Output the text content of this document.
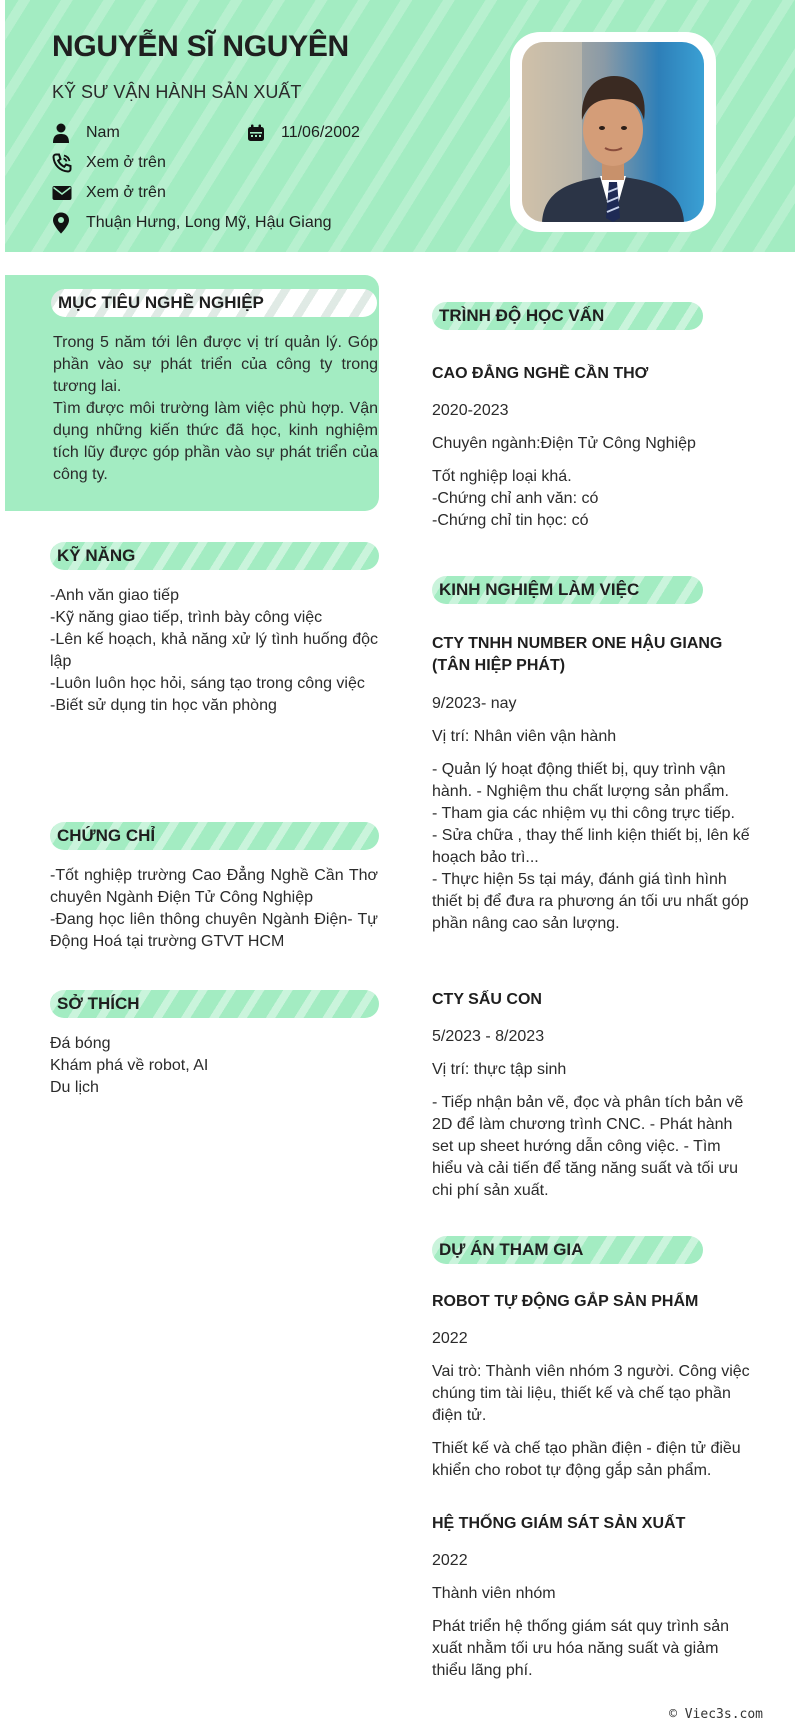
NGUYỄN SĨ NGUYÊN
KỸ SƯ VẬN HÀNH SẢN XUẤT
Nam	11/06/2002
Xem ở trên
Xem ở trên
Thuận Hưng, Long Mỹ, Hậu Giang
MỤC TIÊU NGHỀ NGHIỆP
Trong 5 năm tới lên được vị trí quản lý. Góp phần vào sự phát triển của công ty trong tương lai.
Tìm được môi trường làm việc phù hợp. Vận dụng những kiến thức đã học, kinh nghiệm tích lũy được góp phần vào sự phát triển của công ty.
KỸ NĂNG
-Anh văn giao tiếp
-Kỹ năng giao tiếp, trình bày công việc
-Lên kế hoạch, khả năng xử lý tình huống độc lập
-Luôn luôn học hỏi, sáng tạo trong công việc
-Biết sử dụng tin học văn phòng
CHỨNG CHỈ
-Tốt nghiệp trường Cao Đẳng Nghề Cần Thơ chuyên Ngành Điện Tử Công Nghiệp
-Đang học liên thông chuyên Ngành Điện- Tự Động Hoá tại trường GTVT HCM
SỞ THÍCH
Đá bóng
Khám phá về robot, AI
Du lịch
TRÌNH ĐỘ HỌC VẤN
CAO ĐẲNG NGHỀ CẦN THƠ
2020-2023
Chuyên ngành:Điện Tử Công Nghiệp
Tốt nghiệp loại khá.
-Chứng chỉ anh văn: có
-Chứng chỉ tin học: có
KINH NGHIỆM LÀM VIỆC
CTY TNHH NUMBER ONE HẬU GIANG (TÂN HIỆP PHÁT)
9/2023- nay
Vị trí: Nhân viên vận hành
- Quản lý hoạt động thiết bị, quy trình vận hành. - Nghiệm thu chất lượng sản phẩm.
- Tham gia các nhiệm vụ thi công trực tiếp.
- Sửa chữa , thay thế linh kiện thiết bị, lên kế hoạch bảo trì...
- Thực hiện 5s tại máy, đánh giá tình hình thiết bị để đưa ra phương án tối ưu nhất góp phần nâng cao sản lượng.
CTY SẤU CON
5/2023 - 8/2023
Vị trí: thực tập sinh
- Tiếp nhận bản vẽ, đọc và phân tích bản vẽ 2D để làm chương trình CNC. - Phát hành set up sheet hướng dẫn công việc. - Tìm hiểu và cải tiến để tăng năng suất và tối ưu chi phí sản xuất.
DỰ ÁN THAM GIA
ROBOT TỰ ĐỘNG GẮP SẢN PHẨM
2022
Vai trò: Thành viên nhóm 3 người. Công việc chúng tim tài liệu, thiết kế và chế tạo phần điện tử.
Thiết kế và chế tạo phần điện - điện tử điều khiển cho robot tự động gắp sản phẩm.
HỆ THỐNG GIÁM SÁT SẢN XUẤT
2022
Thành viên nhóm
Phát triển hệ thống giám sát quy trình sản xuất nhằm tối ưu hóa năng suất và giảm thiểu lãng phí.
© Viec3s.com
